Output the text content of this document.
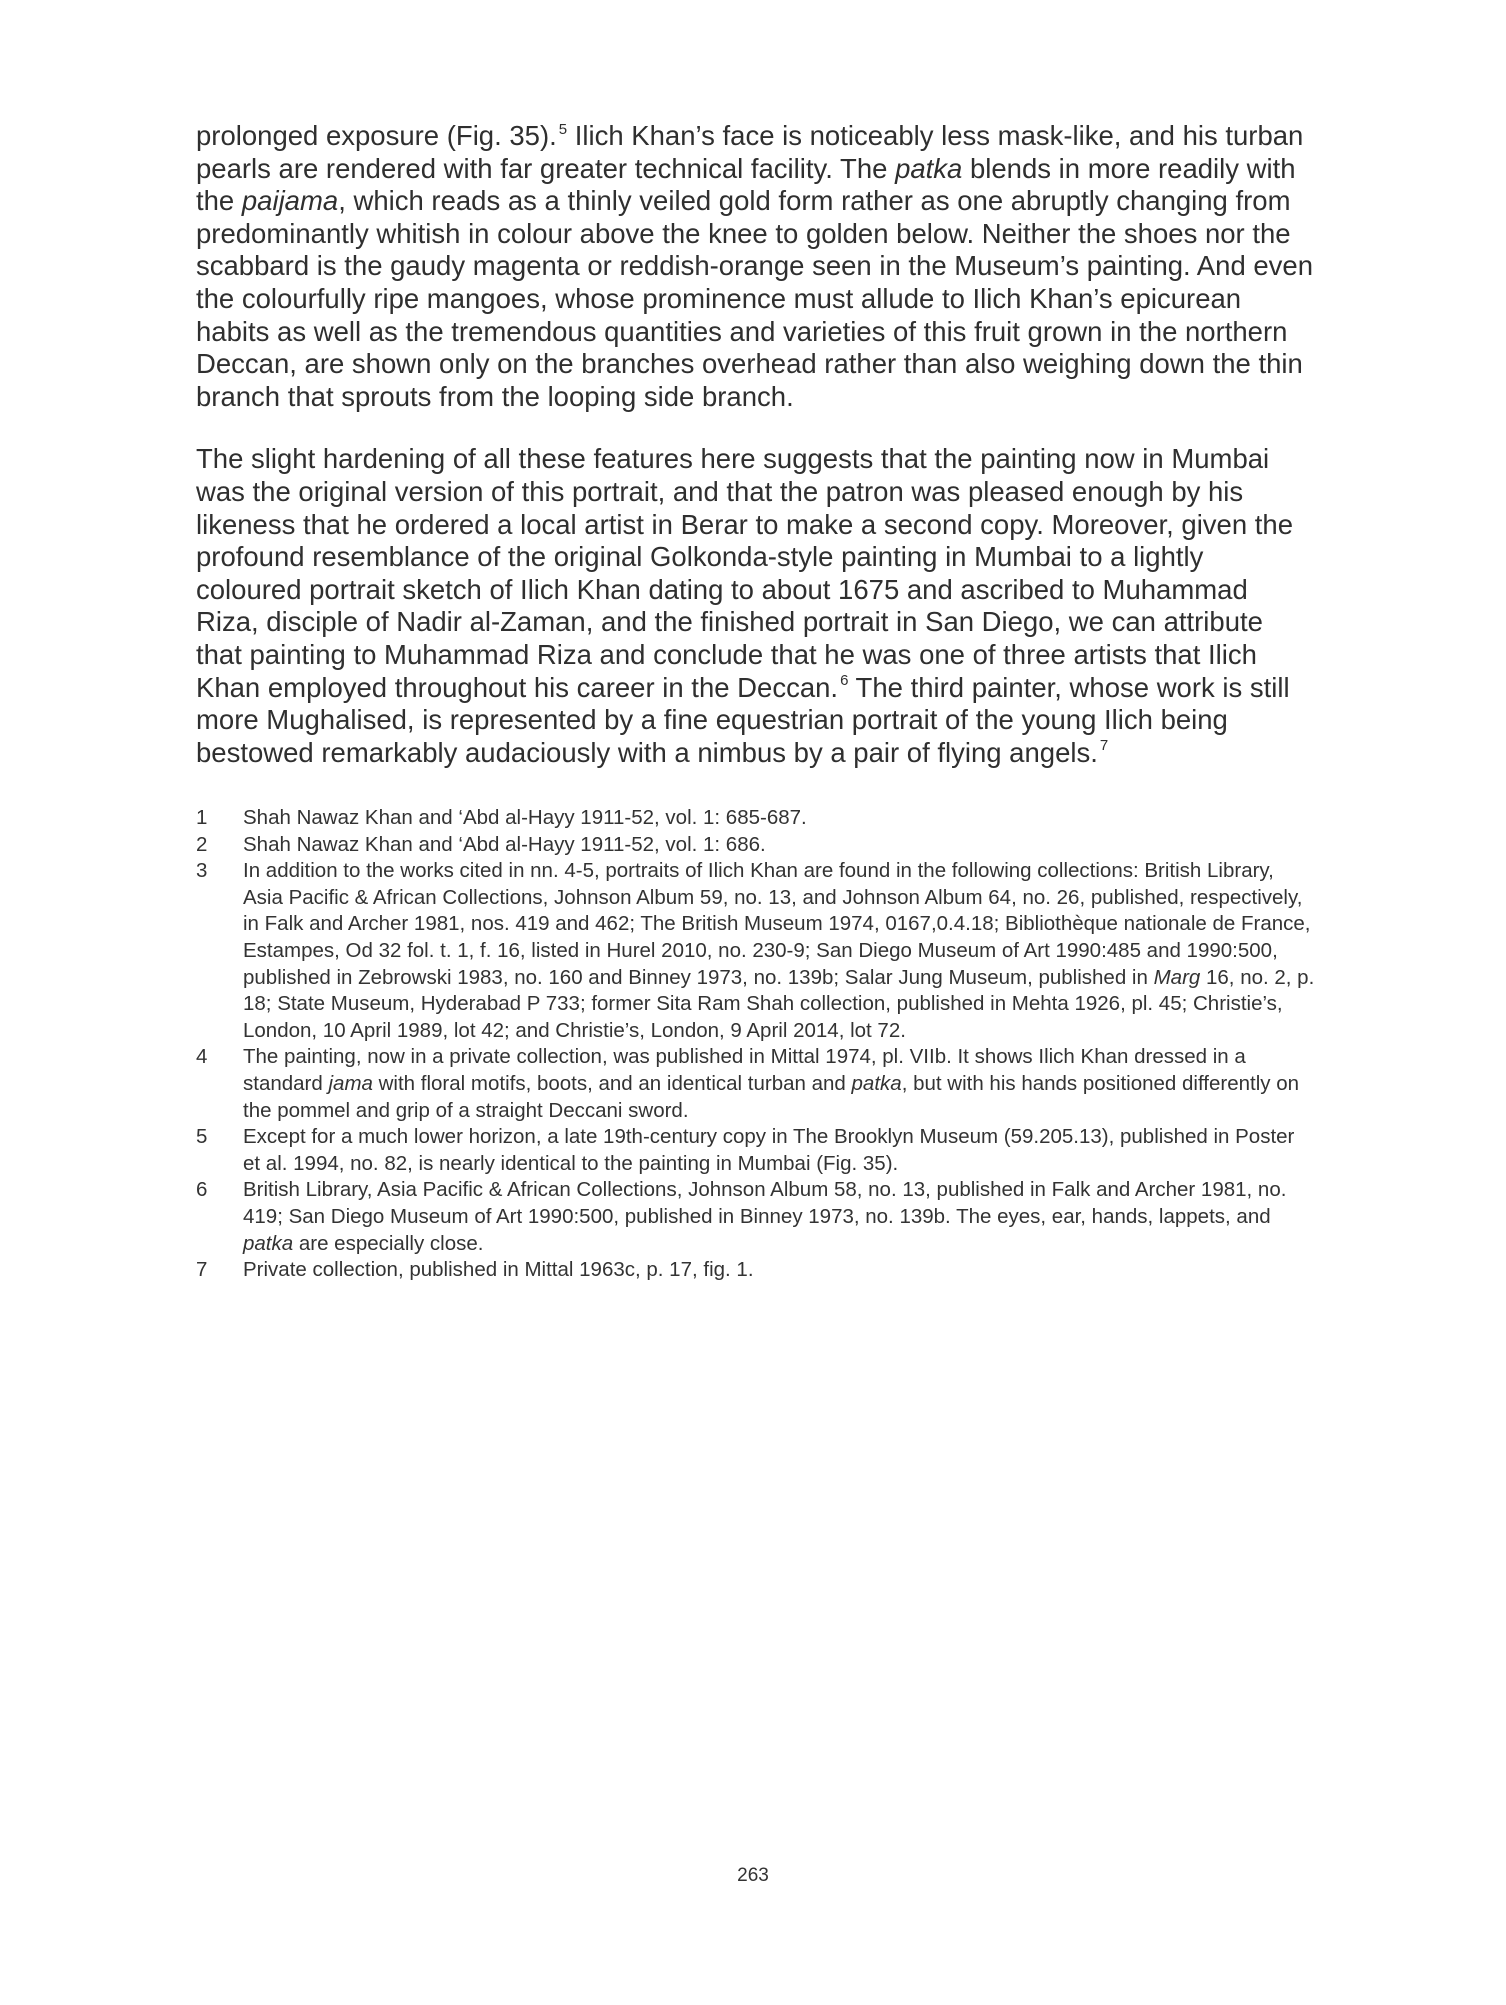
prolonged exposure (Fig. 35). $^5$ Ilich Khan’s face is noticeably less mask-like, and his turban pearls are rendered with far greater technical facility. The patka blends in more readily with the paijama, which reads as a thinly veiled gold form rather as one abruptly changing from predominantly whitish in colour above the knee to golden below. Neither the shoes nor the scabbard is the gaudy magenta or reddish-orange seen in the Museum’s painting. And even the colourfully ripe mangoes, whose prominence must allude to Ilich Khan’s epicurean habits as well as the tremendous quantities and varieties of this fruit grown in the northern Deccan, are shown only on the branches overhead rather than also weighing down the thin branch that sprouts from the looping side branch.

The slight hardening of all these features here suggests that the painting now in Mumbai was the original version of this portrait, and that the patron was pleased enough by his likeness that he ordered a local artist in Berar to make a second copy. Moreover, given the profound resemblance of the original Golkonda-style painting in Mumbai to a lightly coloured portrait sketch of Ilich Khan dating to about 1675 and ascribed to Muhammad Riza, disciple of Nadir al-Zaman, and the finished portrait in San Diego, we can attribute that painting to Muhammad Riza and conclude that he was one of three artists that Ilich Khan employed throughout his career in the Deccan. $^6$ The third painter, whose work is still more Mughalised, is represented by a fine equestrian portrait of the young Ilich being bestowed remarkably audaciously with a nimbus by a pair of flying angels. $^7$

1	Shah Nawaz Khan and ‘Abd al-Hayy 1911-52, vol. 1: 685-687.
2	Shah Nawaz Khan and ‘Abd al-Hayy 1911-52, vol. 1: 686.
3	In addition to the works cited in nn. 4-5, portraits of Ilich Khan are found in the following collections: British Library, Asia Pacific & African Collections, Johnson Album 59, no. 13, and Johnson Album 64, no. 26, published, respectively, in Falk and Archer 1981, nos. 419 and 462; The British Museum 1974, 0167,0.4.18; Bibliothèque nationale de France, Estampes, Od 32 fol. t. 1, f. 16, listed in Hurel 2010, no. 230-9; San Diego Museum of Art 1990:485 and 1990:500, published in Zebrowski 1983, no. 160 and Binney 1973, no. 139b; Salar Jung Museum, published in Marg 16, no. 2, p. 18; State Museum, Hyderabad P 733; former Sita Ram Shah collection, published in Mehta 1926, pl. 45; Christie’s, London, 10 April 1989, lot 42; and Christie’s, London, 9 April 2014, lot 72.
4	The painting, now in a private collection, was published in Mittal 1974, pl. VIIb. It shows Ilich Khan dressed in a standard jama with floral motifs, boots, and an identical turban and patka, but with his hands positioned differently on the pommel and grip of a straight Deccani sword.
5	Except for a much lower horizon, a late 19th-century copy in The Brooklyn Museum (59.205.13), published in Poster et al. 1994, no. 82, is nearly identical to the painting in Mumbai (Fig. 35).
6	British Library, Asia Pacific & African Collections, Johnson Album 58, no. 13, published in Falk and Archer 1981, no. 419; San Diego Museum of Art 1990:500, published in Binney 1973, no. 139b. The eyes, ear, hands, lappets, and patka are especially close.
7	Private collection, published in Mittal 1963c, p. 17, fig. 1.
263
